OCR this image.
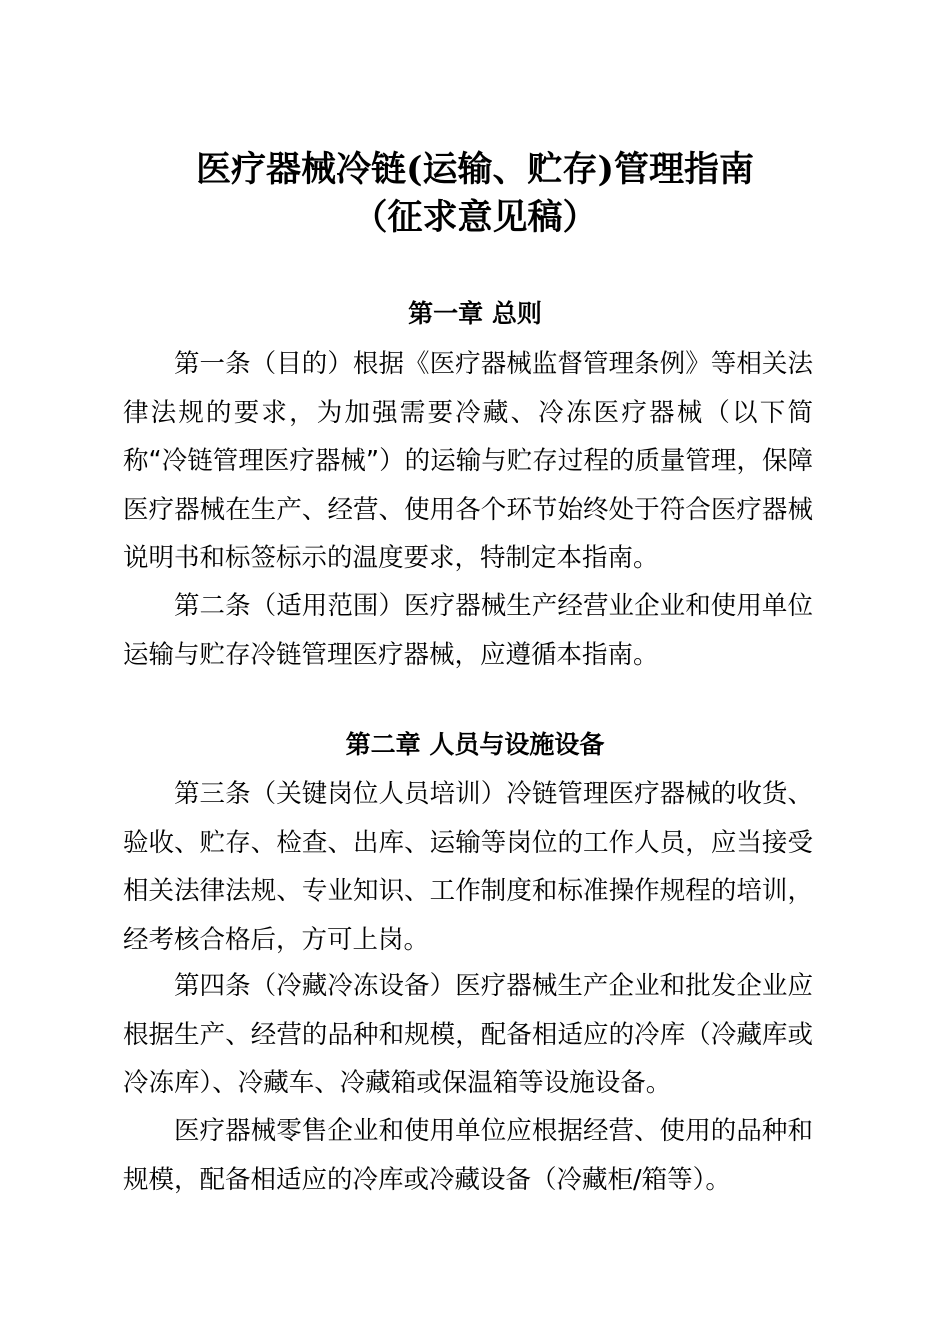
医疗器械冷链(运输、贮存)管理指南
（征求意见稿）
第一章 总则

第一条（目的）根据《医疗器械监督管理条例》等相关法律法规的要求，为加强需要冷藏、冷冻医疗器械（以下简称“冷链管理医疗器械”）的运输与贮存过程的质量管理，保障医疗器械在生产、经营、使用各个环节始终处于符合医疗器械说明书和标签标示的温度要求，特制定本指南。

第二条（适用范围）医疗器械生产经营业企业和使用单位运输与贮存冷链管理医疗器械，应遵循本指南。

第二章 人员与设施设备

第三条（关键岗位人员培训）冷链管理医疗器械的收货、验收、贮存、检查、出库、运输等岗位的工作人员，应当接受相关法律法规、专业知识、工作制度和标准操作规程的培训，经考核合格后，方可上岗。

第四条（冷藏冷冻设备）医疗器械生产企业和批发企业应根据生产、经营的品种和规模，配备相适应的冷库（冷藏库或冷冻库）、冷藏车、冷藏箱或保温箱等设施设备。

医疗器械零售企业和使用单位应根据经营、使用的品种和规模，配备相适应的冷库或冷藏设备（冷藏柜/箱等）。
